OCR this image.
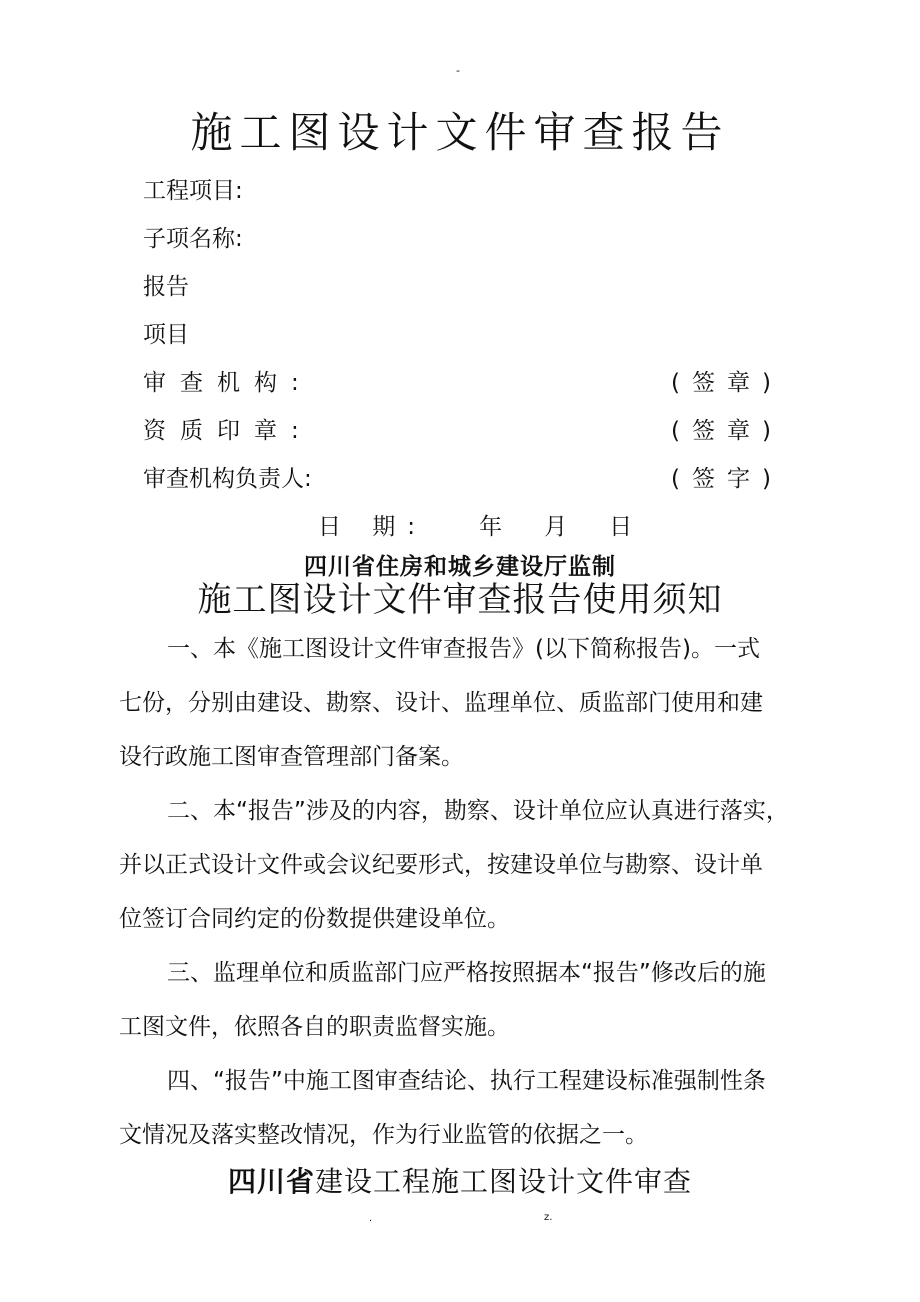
-
施工图设计文件审查报告
工程项目:
子项名称:
报告
项目
审查机构:	(签章)
资质印章:	(签章)
审查机构负责人:	(签字)
日 期: 年 月 日
四川省住房和城乡建设厅监制
施工图设计文件审查报告使用须知
一、本《施工图设计文件审查报告》(以下简称报告)。一式
七份，分别由建设、勘察、设计、监理单位、质监部门使用和建
设行政施工图审查管理部门备案。
二、本“报告”涉及的内容，勘察、设计单位应认真进行落实，
并以正式设计文件或会议纪要形式，按建设单位与勘察、设计单
位签订合同约定的份数提供建设单位。
三、监理单位和质监部门应严格按照据本“报告”修改后的施
工图文件，依照各自的职责监督实施。
四、“报告”中施工图审查结论、执行工程建设标准强制性条
文情况及落实整改情况，作为行业监管的依据之一。
四川省建设工程施工图设计文件审查
.	z.
